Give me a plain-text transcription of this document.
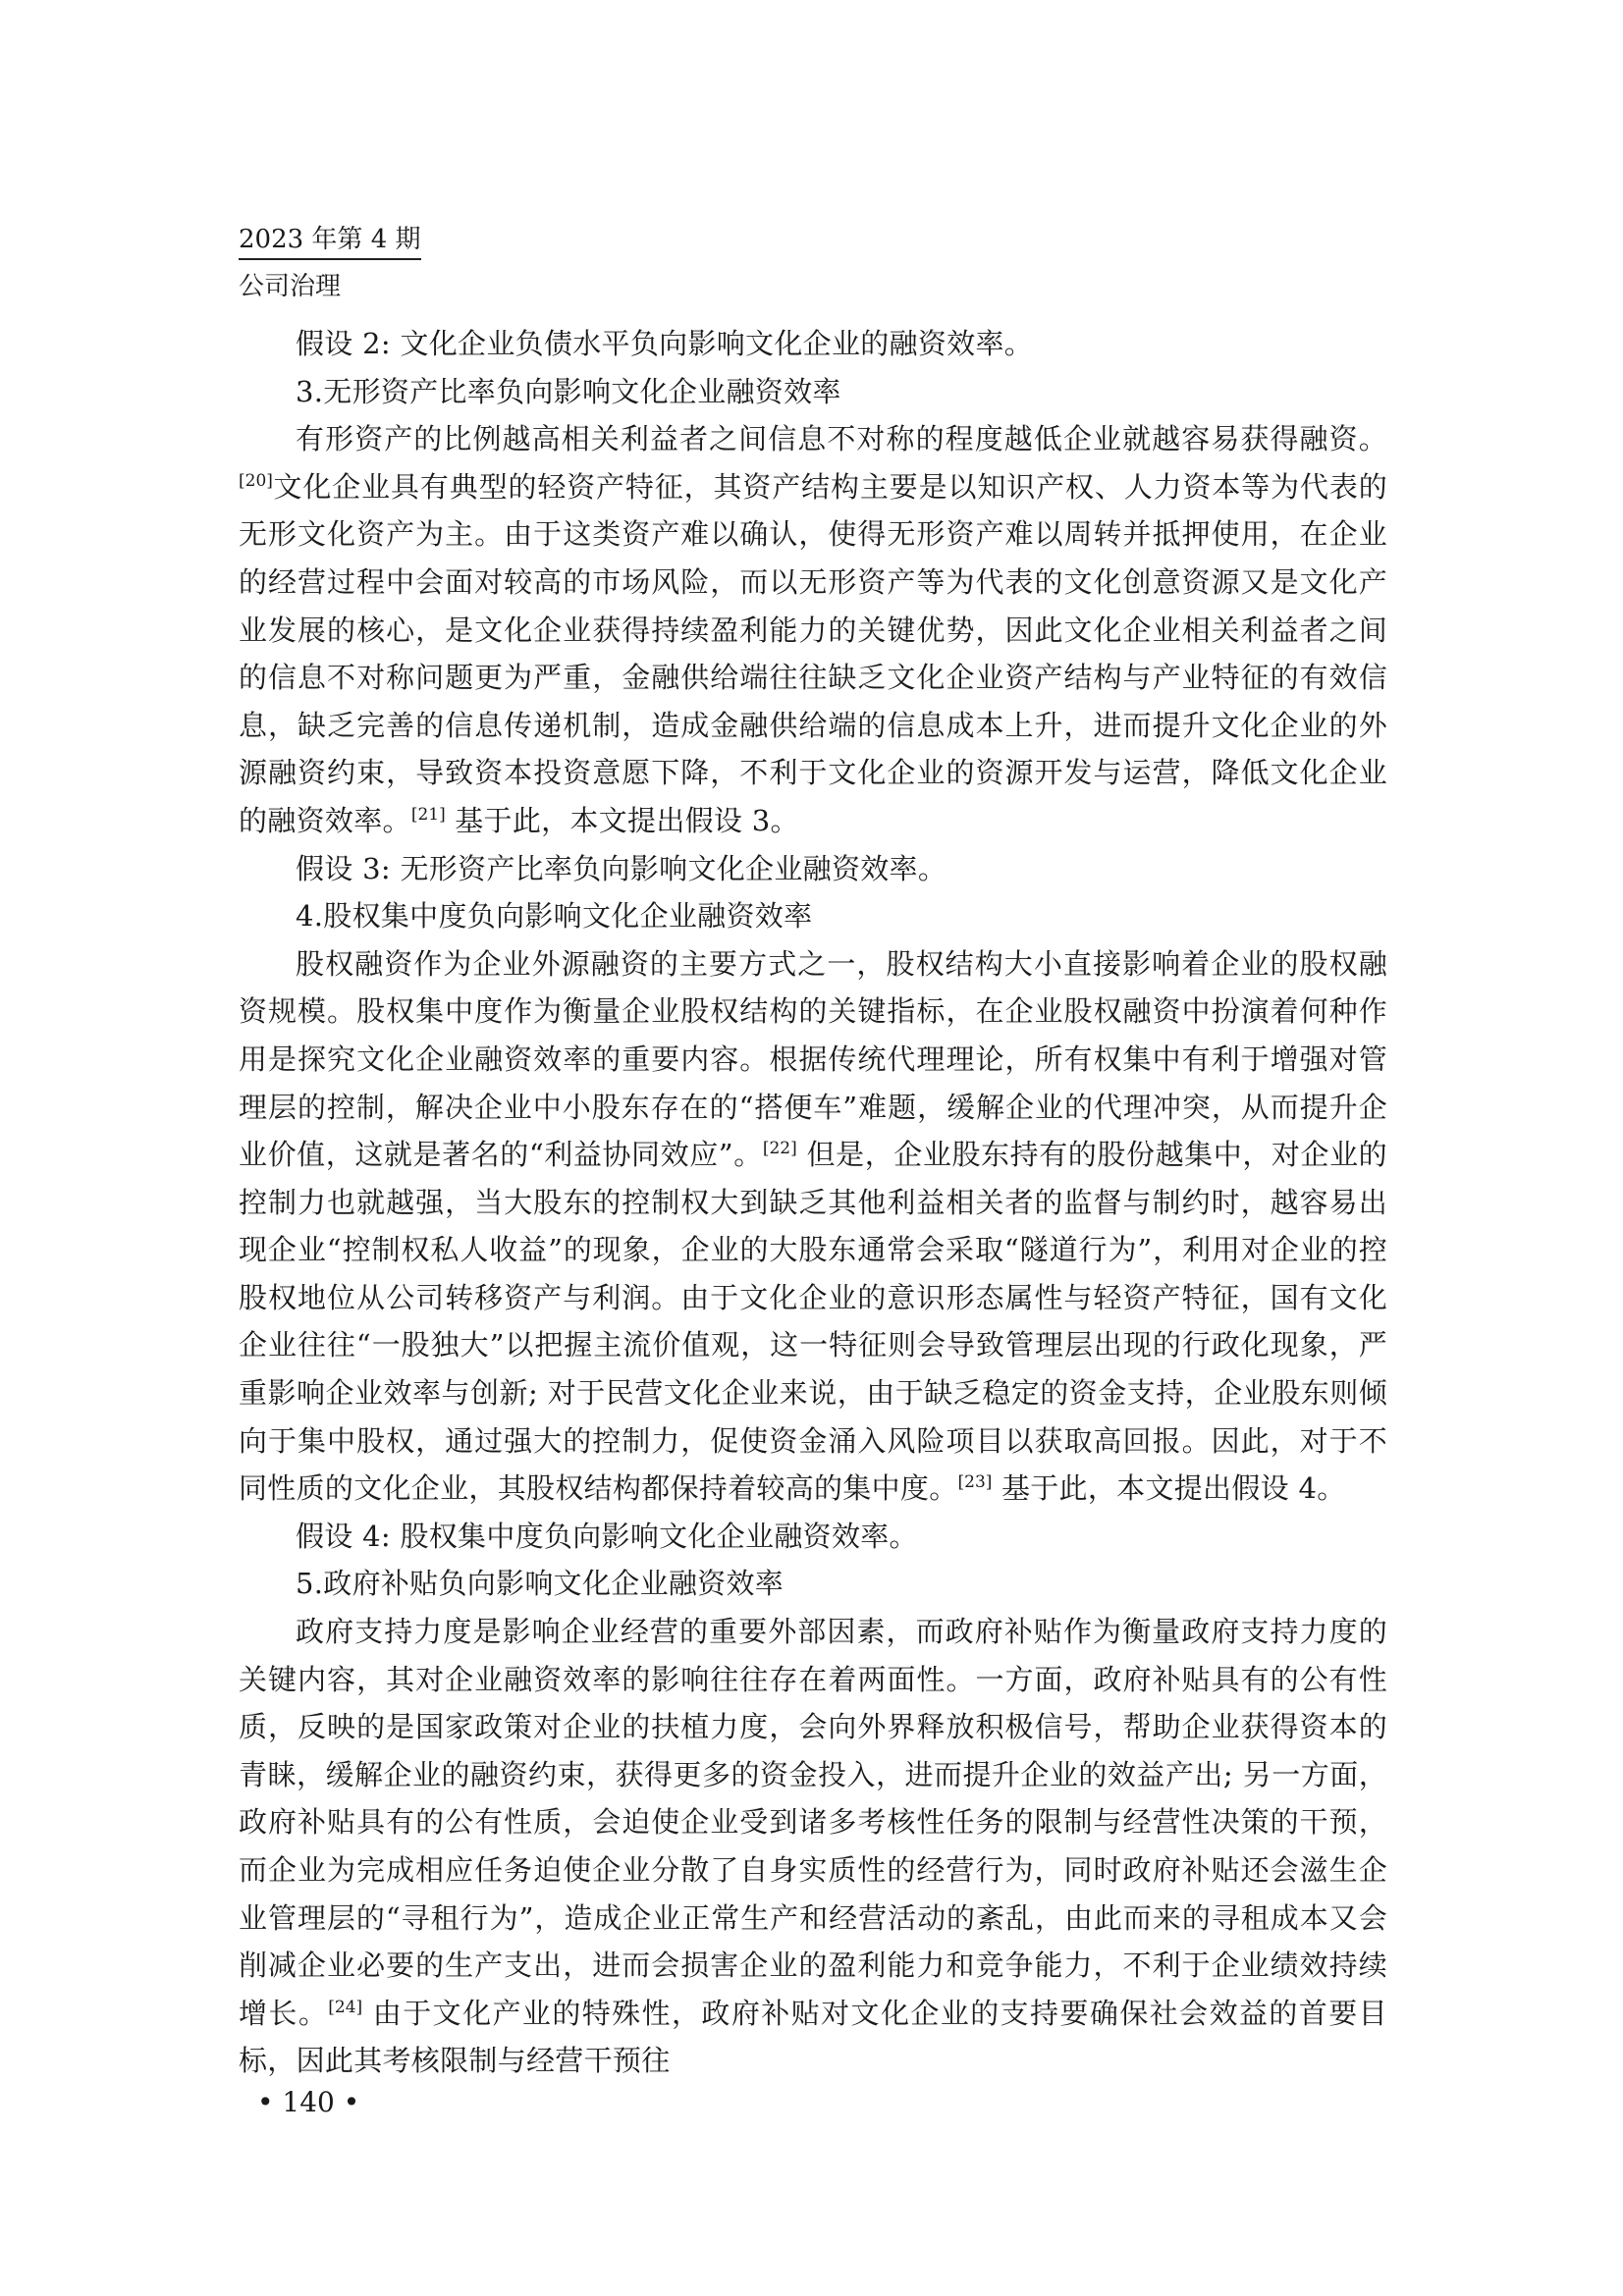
2023 年第 4 期
公司治理

假设 2: 文化企业负债水平负向影响文化企业的融资效率。

3.无形资产比率负向影响文化企业融资效率

有形资产的比例越高相关利益者之间信息不对称的程度越低企业就越容易获得融资。[20]文化企业具有典型的轻资产特征，其资产结构主要是以知识产权、人力资本等为代表的无形文化资产为主。由于这类资产难以确认，使得无形资产难以周转并抵押使用，在企业的经营过程中会面对较高的市场风险，而以无形资产等为代表的文化创意资源又是文化产业发展的核心，是文化企业获得持续盈利能力的关键优势，因此文化企业相关利益者之间的信息不对称问题更为严重，金融供给端往往缺乏文化企业资产结构与产业特征的有效信息，缺乏完善的信息传递机制，造成金融供给端的信息成本上升，进而提升文化企业的外源融资约束，导致资本投资意愿下降，不利于文化企业的资源开发与运营，降低文化企业的融资效率。[21] 基于此，本文提出假设 3。

假设 3: 无形资产比率负向影响文化企业融资效率。

4.股权集中度负向影响文化企业融资效率

股权融资作为企业外源融资的主要方式之一，股权结构大小直接影响着企业的股权融资规模。股权集中度作为衡量企业股权结构的关键指标，在企业股权融资中扮演着何种作用是探究文化企业融资效率的重要内容。根据传统代理理论，所有权集中有利于增强对管理层的控制，解决企业中小股东存在的“搭便车”难题，缓解企业的代理冲突，从而提升企业价值，这就是著名的“利益协同效应”。[22] 但是，企业股东持有的股份越集中，对企业的控制力也就越强，当大股东的控制权大到缺乏其他利益相关者的监督与制约时，越容易出现企业“控制权私人收益”的现象，企业的大股东通常会采取“隧道行为”，利用对企业的控股权地位从公司转移资产与利润。由于文化企业的意识形态属性与轻资产特征，国有文化企业往往“一股独大”以把握主流价值观，这一特征则会导致管理层出现的行政化现象，严重影响企业效率与创新; 对于民营文化企业来说，由于缺乏稳定的资金支持，企业股东则倾向于集中股权，通过强大的控制力，促使资金涌入风险项目以获取高回报。因此，对于不同性质的文化企业，其股权结构都保持着较高的集中度。[23] 基于此，本文提出假设 4。

假设 4: 股权集中度负向影响文化企业融资效率。

5.政府补贴负向影响文化企业融资效率

政府支持力度是影响企业经营的重要外部因素，而政府补贴作为衡量政府支持力度的关键内容，其对企业融资效率的影响往往存在着两面性。一方面，政府补贴具有的公有性质，反映的是国家政策对企业的扶植力度，会向外界释放积极信号，帮助企业获得资本的青睐，缓解企业的融资约束，获得更多的资金投入，进而提升企业的效益产出; 另一方面，政府补贴具有的公有性质，会迫使企业受到诸多考核性任务的限制与经营性决策的干预，而企业为完成相应任务迫使企业分散了自身实质性的经营行为，同时政府补贴还会滋生企业管理层的“寻租行为”，造成企业正常生产和经营活动的紊乱，由此而来的寻租成本又会削减企业必要的生产支出，进而会损害企业的盈利能力和竞争能力，不利于企业绩效持续增长。[24] 由于文化产业的特殊性，政府补贴对文化企业的支持要确保社会效益的首要目标，因此其考核限制与经营干预往

• 140 •
